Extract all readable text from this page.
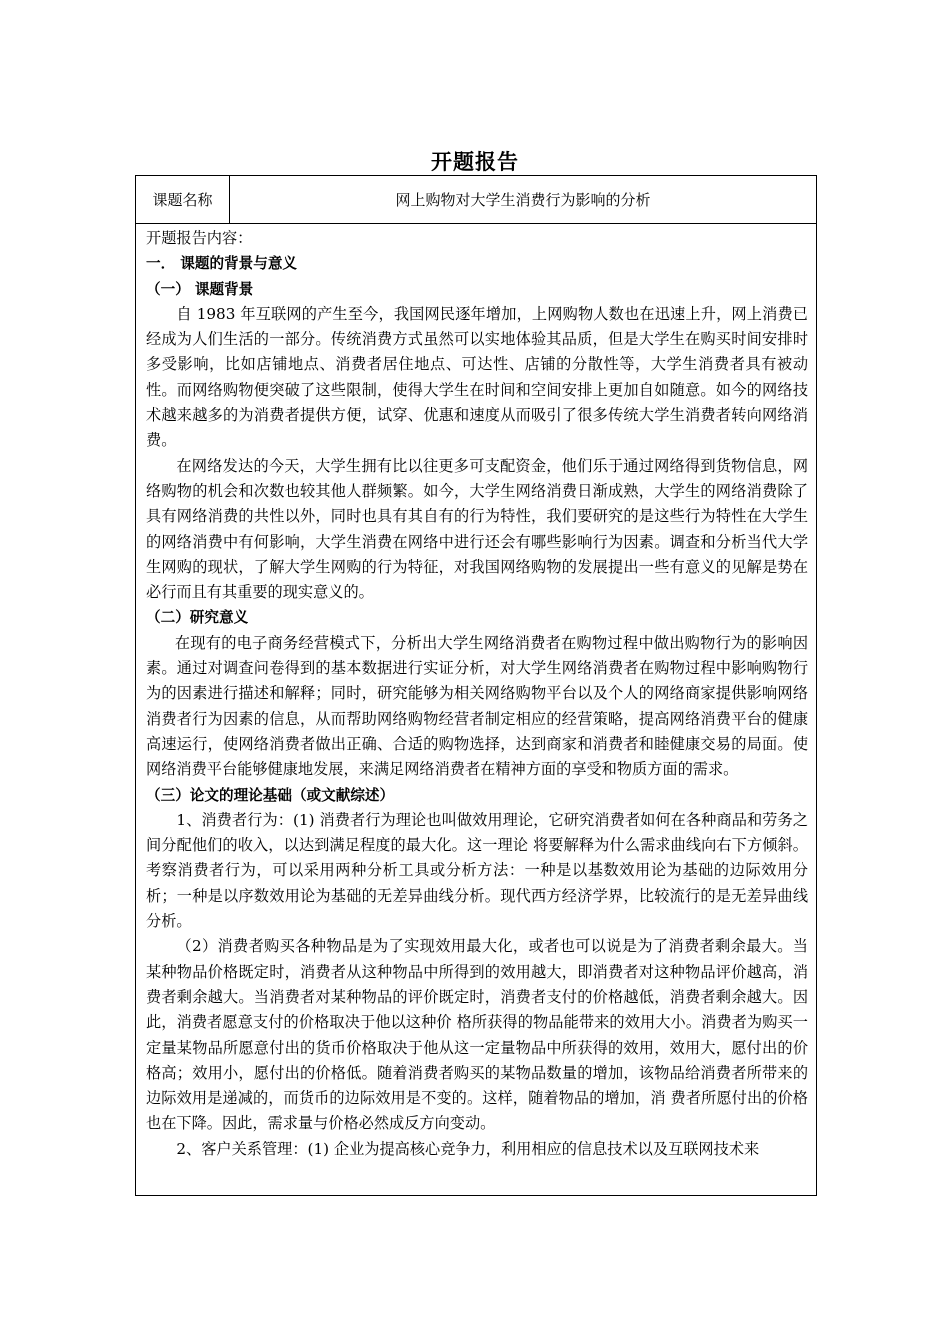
开题报告
课题名称	网上购物对大学生消费行为影响的分析

开题报告内容：

一． 课题的背景与意义

（一） 课题背景

自 1983 年互联网的产生至今，我国网民逐年增加，上网购物人数也在迅速上升，网上消费已经成为人们生活的一部分。传统消费方式虽然可以实地体验其品质，但是大学生在购买时间安排时多受影响，比如店铺地点、消费者居住地点、可达性、店铺的分散性等，大学生消费者具有被动性。而网络购物便突破了这些限制，使得大学生在时间和空间安排上更加自如随意。如今的网络技术越来越多的为消费者提供方便，试穿、优惠和速度从而吸引了很多传统大学生消费者转向网络消费。

在网络发达的今天，大学生拥有比以往更多可支配资金，他们乐于通过网络得到货物信息，网络购物的机会和次数也较其他人群频繁。如今，大学生网络消费日渐成熟，大学生的网络消费除了具有网络消费的共性以外，同时也具有其自有的行为特性，我们要研究的是这些行为特性在大学生的网络消费中有何影响，大学生消费在网络中进行还会有哪些影响行为因素。调查和分析当代大学生网购的现状，了解大学生网购的行为特征，对我国网络购物的发展提出一些有意义的见解是势在必行而且有其重要的现实意义的。

（二）研究意义

在现有的电子商务经营模式下，分析出大学生网络消费者在购物过程中做出购物行为的影响因素。通过对调查问卷得到的基本数据进行实证分析，对大学生网络消费者在购物过程中影响购物行为的因素进行描述和解释；同时，研究能够为相关网络购物平台以及个人的网络商家提供影响网络消费者行为因素的信息，从而帮助网络购物经营者制定相应的经营策略，提高网络消费平台的健康高速运行，使网络消费者做出正确、合适的购物选择，达到商家和消费者和睦健康交易的局面。使网络消费平台能够健康地发展，来满足网络消费者在精神方面的享受和物质方面的需求。

（三）论文的理论基础（或文献综述）

1、消费者行为：(1) 消费者行为理论也叫做效用理论，它研究消费者如何在各种商品和劳务之间分配他们的收入，以达到满足程度的最大化。这一理论 将要解释为什么需求曲线向右下方倾斜。考察消费者行为，可以采用两种分析工具或分析方法：一种是以基数效用论为基础的边际效用分析；一种是以序数效用论为基础的无差异曲线分析。现代西方经济学界，比较流行的是无差异曲线分析。

（2）消费者购买各种物品是为了实现效用最大化，或者也可以说是为了消费者剩余最大。当某种物品价格既定时，消费者从这种物品中所得到的效用越大，即消费者对这种物品评价越高，消费者剩余越大。当消费者对某种物品的评价既定时，消费者支付的价格越低，消费者剩余越大。因此，消费者愿意支付的价格取决于他以这种价 格所获得的物品能带来的效用大小。消费者为购买一定量某物品所愿意付出的货币价格取决于他从这一定量物品中所获得的效用，效用大，愿付出的价格高；效用小，愿付出的价格低。随着消费者购买的某物品数量的增加，该物品给消费者所带来的边际效用是递减的，而货币的边际效用是不变的。这样，随着物品的增加，消 费者所愿付出的价格也在下降。因此，需求量与价格必然成反方向变动。

2、客户关系管理：(1) 企业为提高核心竞争力，利用相应的信息技术以及互联网技术来
